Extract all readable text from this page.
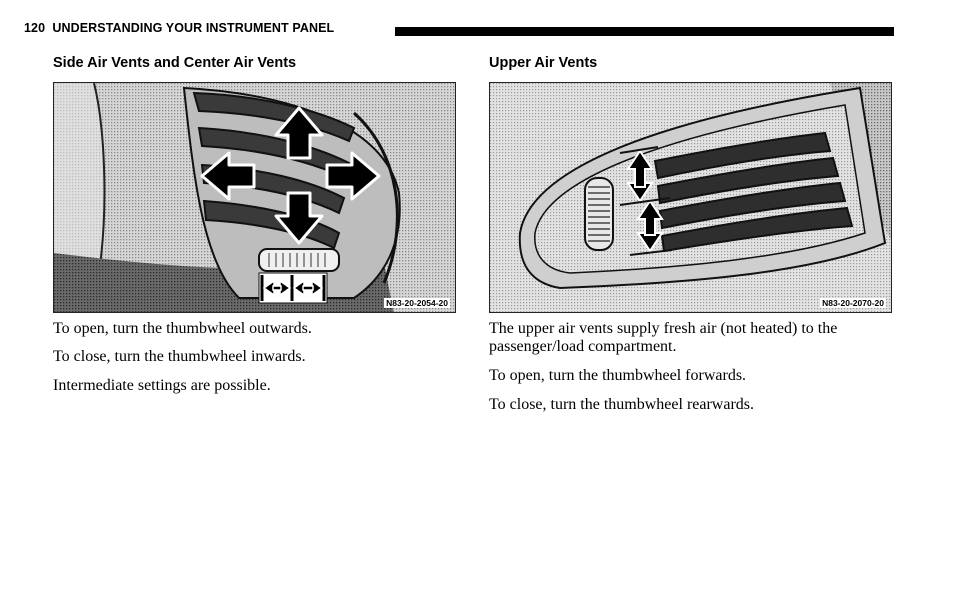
120 UNDERSTANDING YOUR INSTRUMENT PANEL
Side Air Vents and Center Air Vents
N83-20-2054-20
To open, turn the thumbwheel outwards.
To close, turn the thumbwheel inwards.
Intermediate settings are possible.
Upper Air Vents
N83-20-2070-20
The upper air vents supply fresh air (not heated) to the passenger/load compartment.
To open, turn the thumbwheel forwards.
To close, turn the thumbwheel rearwards.
